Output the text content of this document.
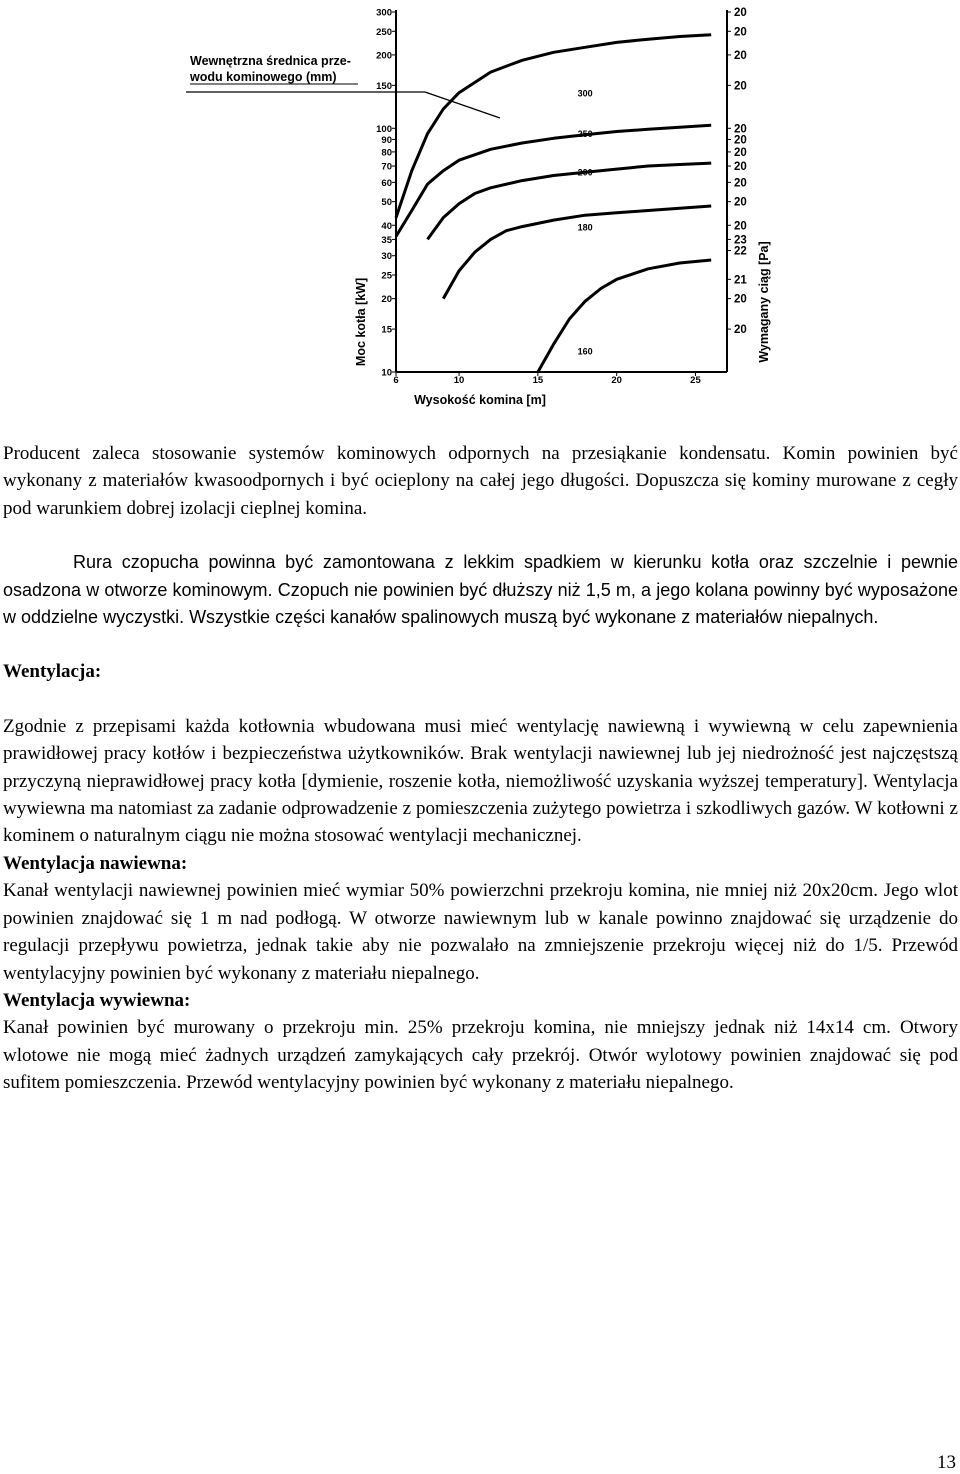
10
15
20
25
30
35
40
50
60
70
80
90
100
150
200
250
300	20
20
20
20
20
20
20
20
20
20
20
23
22
21
20
20
6	10	15	20	25
300
250
200
180
160
Wewnętrzna średnica prze-
wodu kominowego (mm)
Wysokość komina [m]
Moc kotła [kW]	Wymagany ciąg [Pa]

Producent zaleca stosowanie systemów kominowych odpornych na przesiąkanie kondensatu. Komin powinien być wykonany z materiałów kwasoodpornych i być ocieplony na całej jego długości. Dopuszcza się kominy murowane z cegły pod warunkiem dobrej izolacji cieplnej komina.

Rura czopucha powinna być zamontowana z lekkim spadkiem w kierunku kotła oraz szczelnie i pewnie osadzona w otworze kominowym. Czopuch nie powinien być dłuższy niż 1,5 m, a jego kolana powinny być wyposażone w oddzielne wyczystki. Wszystkie części kanałów spalinowych muszą być wykonane z materiałów niepalnych.

Wentylacja:

Zgodnie z przepisami każda kotłownia wbudowana musi mieć wentylację nawiewną i wywiewną w celu zapewnienia prawidłowej pracy kotłów i bezpieczeństwa użytkowników. Brak wentylacji nawiewnej lub jej niedrożność jest najczęstszą przyczyną nieprawidłowej pracy kotła [dymienie, roszenie kotła, niemożliwość uzyskania wyższej temperatury]. Wentylacja wywiewna ma natomiast za zadanie odprowadzenie z pomieszczenia zużytego powietrza i szkodliwych gazów. W kotłowni z kominem o naturalnym ciągu nie można stosować wentylacji mechanicznej.

Wentylacja nawiewna:

Kanał wentylacji nawiewnej powinien mieć wymiar 50% powierzchni przekroju komina, nie mniej niż 20x20cm. Jego wlot powinien znajdować się 1 m nad podłogą. W otworze nawiewnym lub w kanale powinno znajdować się urządzenie do regulacji przepływu powietrza, jednak takie aby nie pozwalało na zmniejszenie przekroju więcej niż do 1/5. Przewód wentylacyjny powinien być wykonany z materiału niepalnego.

Wentylacja wywiewna:

Kanał powinien być murowany o przekroju min. 25% przekroju komina, nie mniejszy jednak niż 14x14 cm. Otwory wlotowe nie mogą mieć żadnych urządzeń zamykających cały przekrój. Otwór wylotowy powinien znajdować się pod sufitem pomieszczenia. Przewód wentylacyjny powinien być wykonany z materiału niepalnego.

13
